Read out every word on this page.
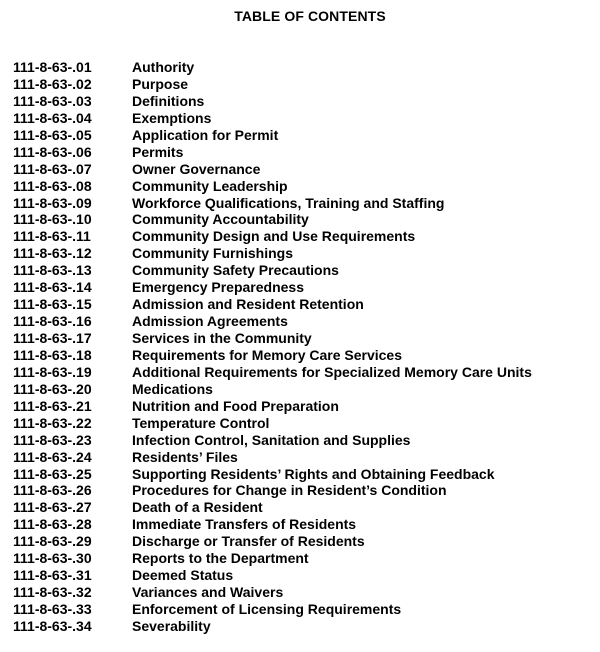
TABLE OF CONTENTS
111-8-63-.01	Authority
111-8-63-.02	Purpose
111-8-63-.03	Definitions
111-8-63-.04	Exemptions
111-8-63-.05	Application for Permit
111-8-63-.06	Permits
111-8-63-.07	Owner Governance
111-8-63-.08	Community Leadership
111-8-63-.09	Workforce Qualifications, Training and Staffing
111-8-63-.10	Community Accountability
111-8-63-.11	Community Design and Use Requirements
111-8-63-.12	Community Furnishings
111-8-63-.13	Community Safety Precautions
111-8-63-.14	Emergency Preparedness
111-8-63-.15	Admission and Resident Retention
111-8-63-.16	Admission Agreements
111-8-63-.17	Services in the Community
111-8-63-.18	Requirements for Memory Care Services
111-8-63-.19	Additional Requirements for Specialized Memory Care Units
111-8-63-.20	Medications
111-8-63-.21	Nutrition and Food Preparation
111-8-63-.22	Temperature Control
111-8-63-.23	Infection Control, Sanitation and Supplies
111-8-63-.24	Residents’ Files
111-8-63-.25	Supporting Residents’ Rights and Obtaining Feedback
111-8-63-.26	Procedures for Change in Resident’s Condition
111-8-63-.27	Death of a Resident
111-8-63-.28	Immediate Transfers of Residents
111-8-63-.29	Discharge or Transfer of Residents
111-8-63-.30	Reports to the Department
111-8-63-.31	Deemed Status
111-8-63-.32	Variances and Waivers
111-8-63-.33	Enforcement of Licensing Requirements
111-8-63-.34	Severability
